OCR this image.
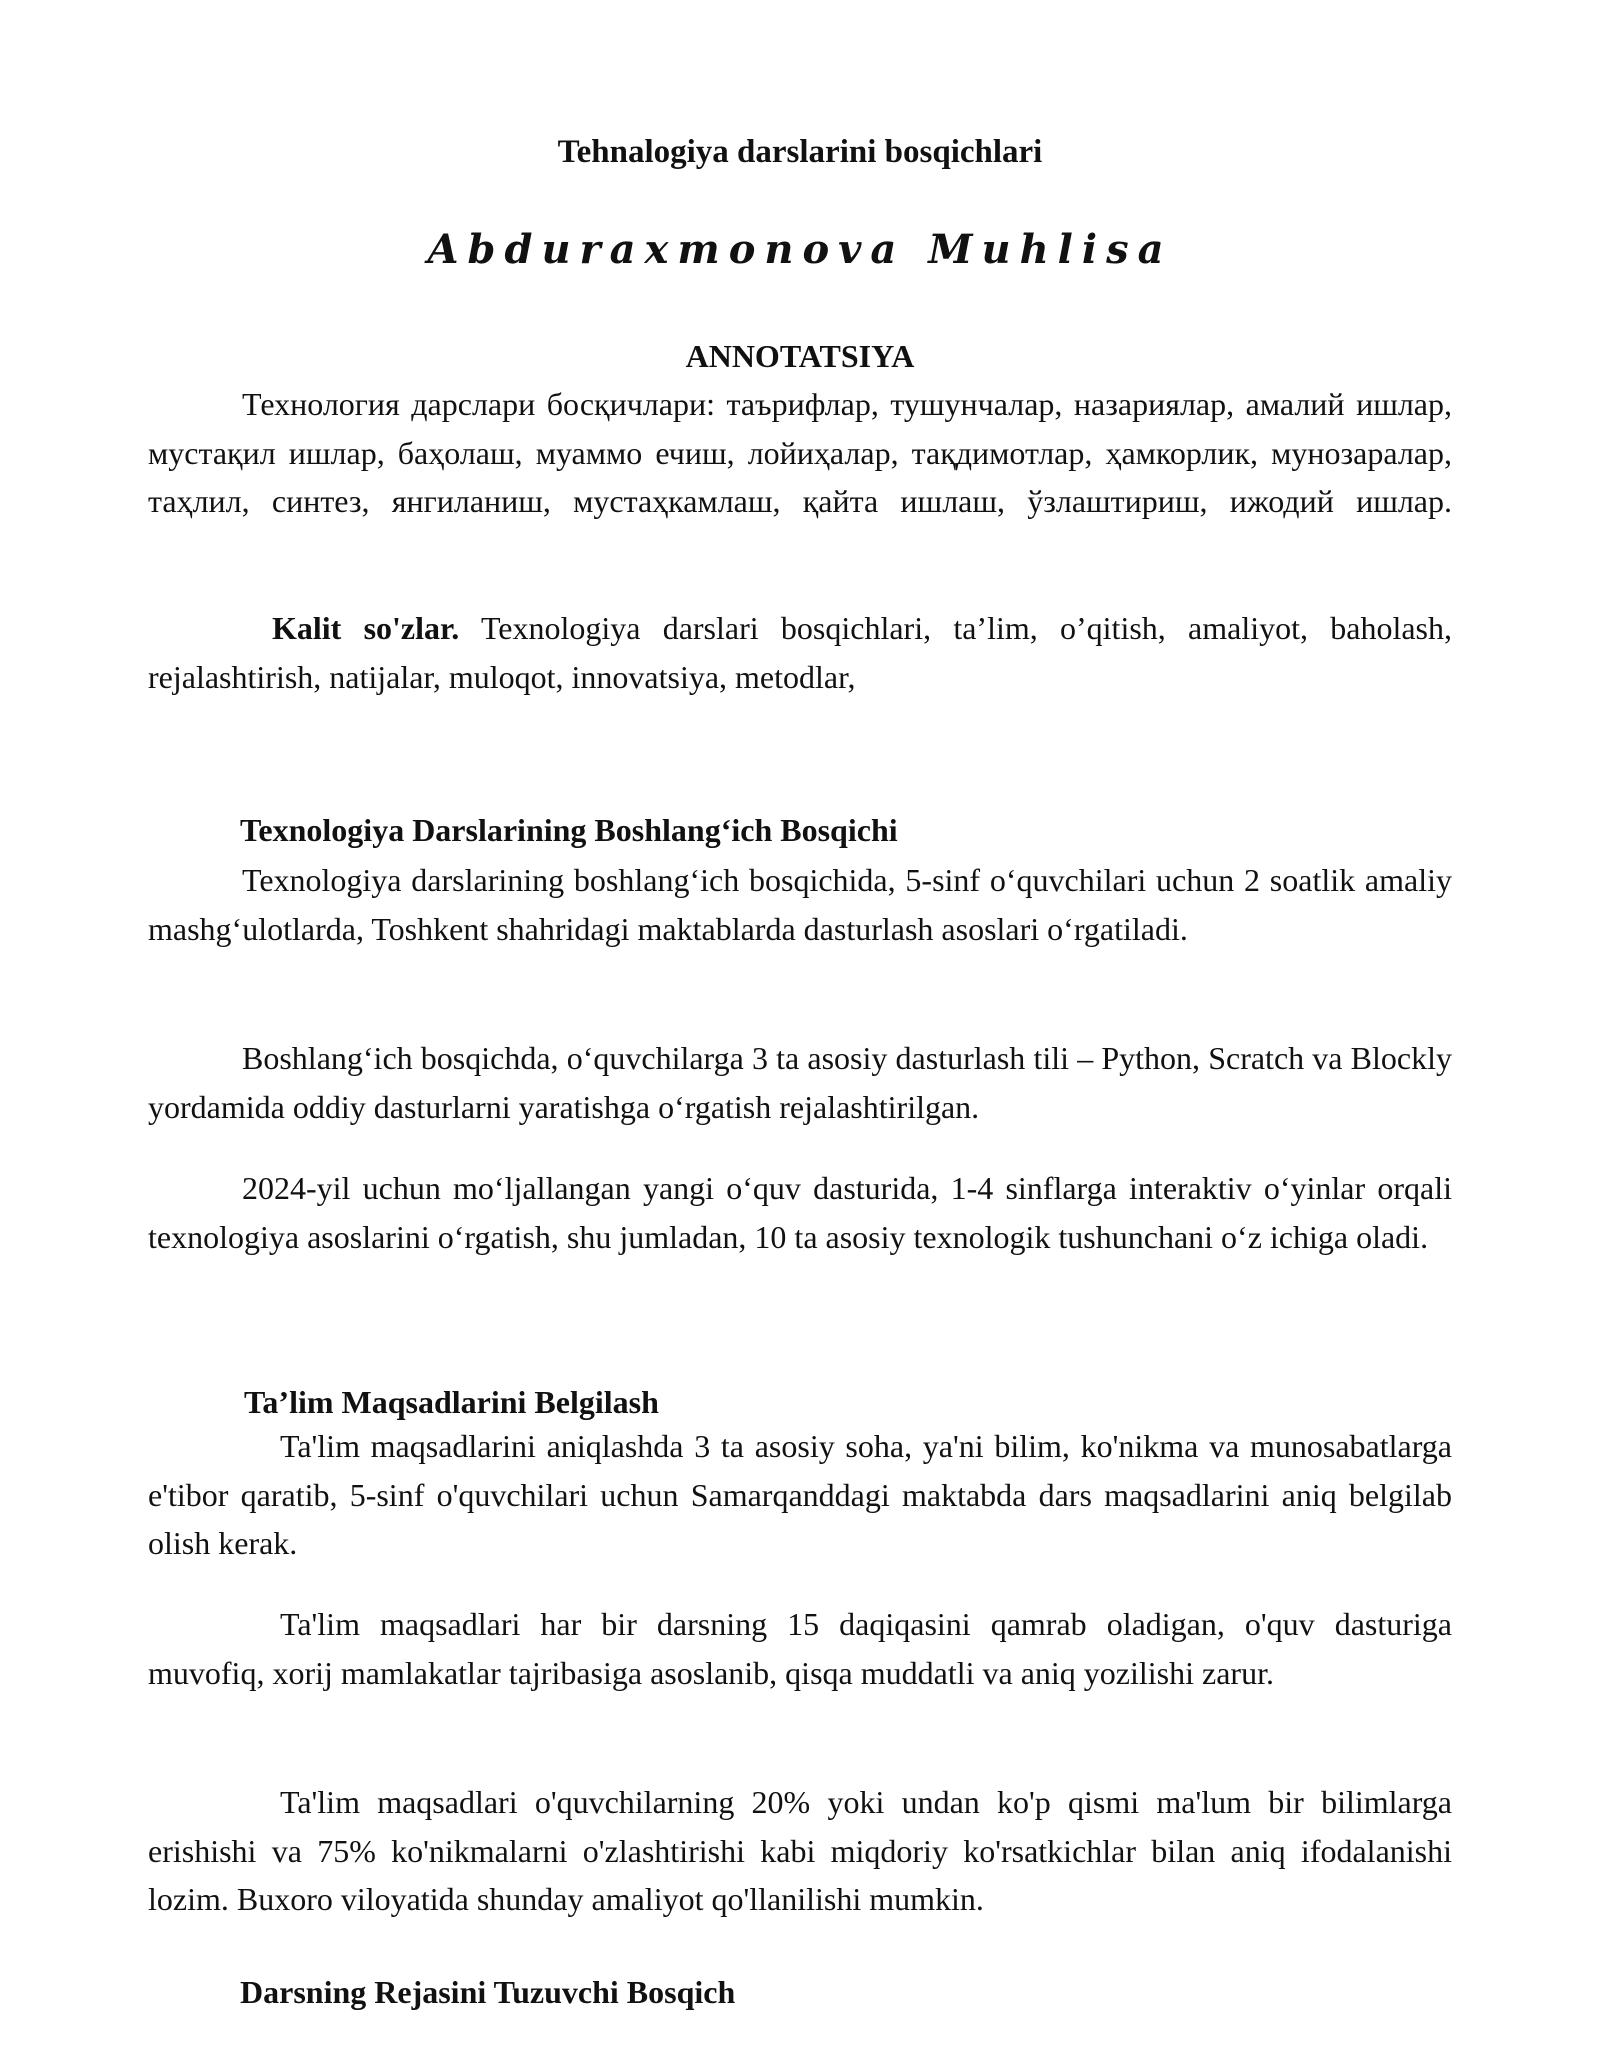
Tehnalogiya darslarini bosqichlari

Abduraxmonova Muhlisa

ANNOTATSIYA

Технология дарслари босқичлари: таърифлар, тушунчалар, назариялар, амалий ишлар, мустақил ишлар, баҳолаш, муаммо ечиш, лойиҳалар, тақдимотлар, ҳамкорлик, мунозаралар, таҳлил, синтез, янгиланиш, мустаҳкамлаш, қайта ишлаш, ўзлаштириш, ижодий ишлар.

Kalit so'zlar. Texnologiya darslari bosqichlari, ta’lim, o’qitish, amaliyot, baholash, rejalashtirish, natijalar, muloqot, innovatsiya, metodlar,

Texnologiya Darslarining Boshlang‘ich Bosqichi

Texnologiya darslarining boshlang‘ich bosqichida, 5-sinf o‘quvchilari uchun 2 soatlik amaliy mashg‘ulotlarda, Toshkent shahridagi maktablarda dasturlash asoslari o‘rgatiladi.

Boshlang‘ich bosqichda, o‘quvchilarga 3 ta asosiy dasturlash tili – Python, Scratch va Blockly yordamida oddiy dasturlarni yaratishga o‘rgatish rejalashtirilgan.

2024-yil uchun mo‘ljallangan yangi o‘quv dasturida, 1-4 sinflarga interaktiv o‘yinlar orqali texnologiya asoslarini o‘rgatish, shu jumladan, 10 ta asosiy texnologik tushunchani o‘z ichiga oladi.

Ta’lim Maqsadlarini Belgilash

Ta'lim maqsadlarini aniqlashda 3 ta asosiy soha, ya'ni bilim, ko'nikma va munosabatlarga e'tibor qaratib, 5-sinf o'quvchilari uchun Samarqanddagi maktabda dars maqsadlarini aniq belgilab olish kerak.

Ta'lim maqsadlari har bir darsning 15 daqiqasini qamrab oladigan, o'quv dasturiga muvofiq, xorij mamlakatlar tajribasiga asoslanib, qisqa muddatli va aniq yozilishi zarur.

Ta'lim maqsadlari o'quvchilarning 20% yoki undan ko'p qismi ma'lum bir bilimlarga erishishi va 75% ko'nikmalarni o'zlashtirishi kabi miqdoriy ko'rsatkichlar bilan aniq ifodalanishi lozim. Buxoro viloyatida shunday amaliyot qo'llanilishi mumkin.

Darsning Rejasini Tuzuvchi Bosqich
